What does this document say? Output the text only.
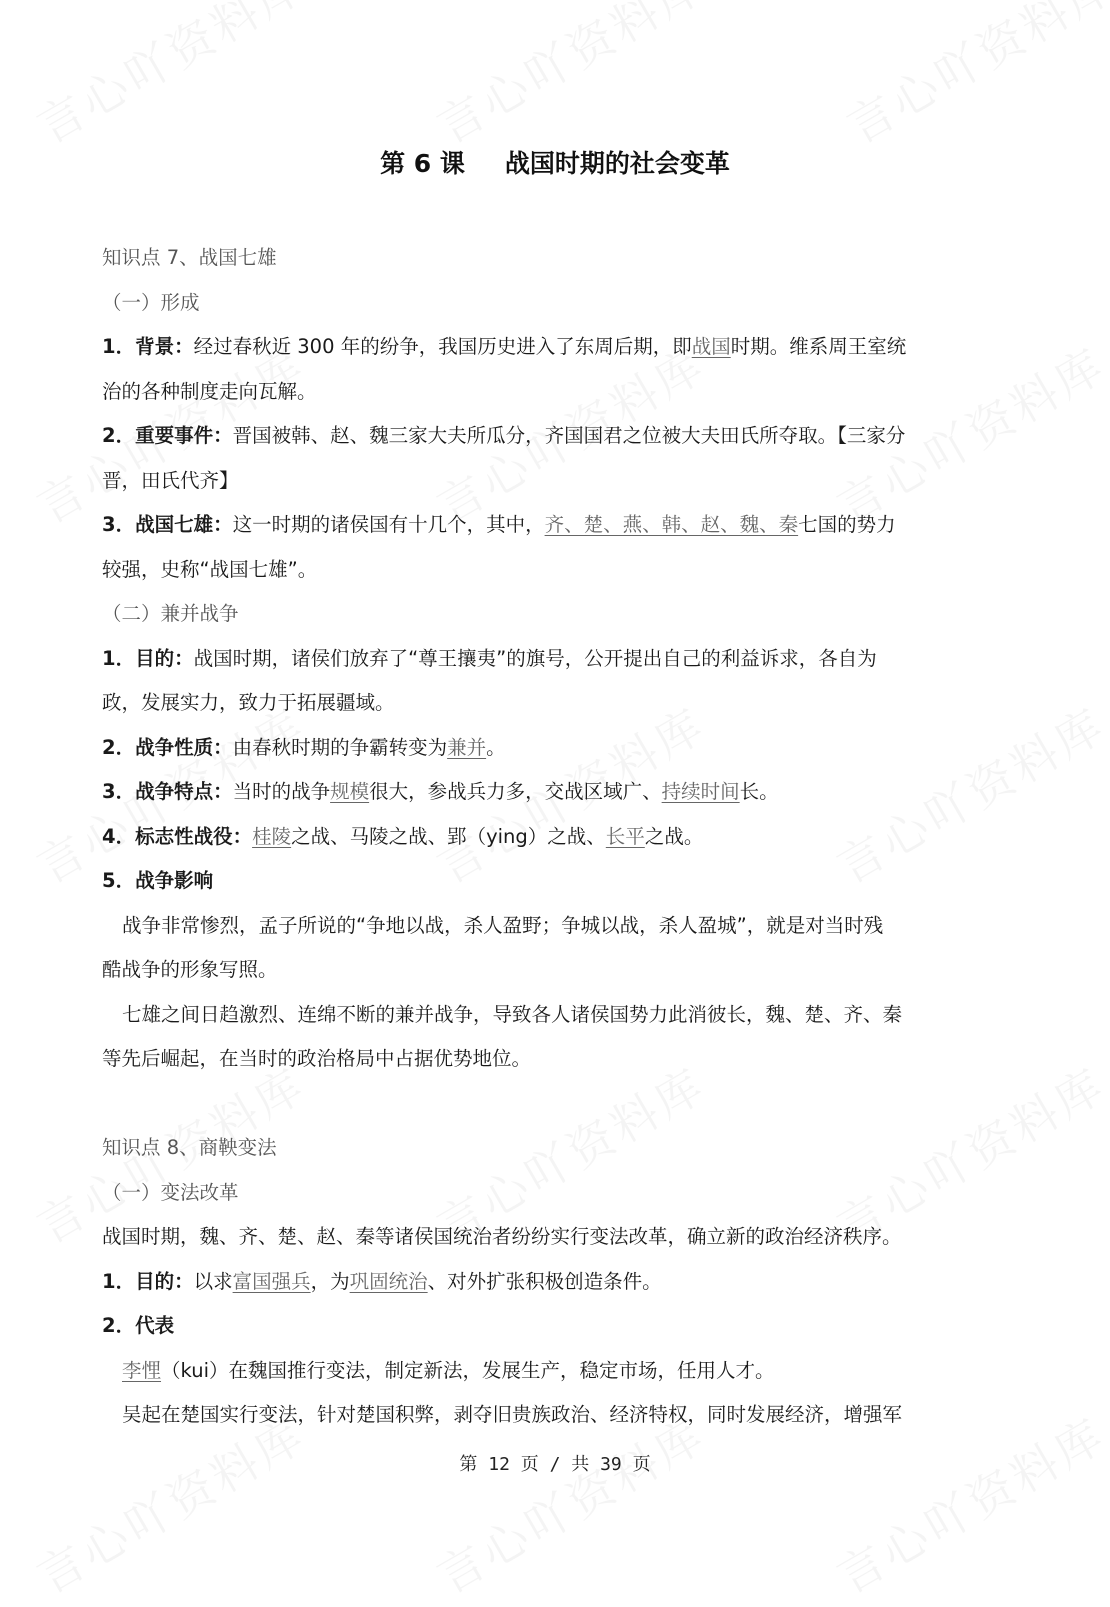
第 6 课 战国时期的社会变革
知识点 7、战国七雄
（一）形成
1．背景：经过春秋近 300 年的纷争，我国历史进入了东周后期，即战国时期。维系周王室统
治的各种制度走向瓦解。
2．重要事件：晋国被韩、赵、魏三家大夫所瓜分，齐国国君之位被大夫田氏所夺取。【三家分
晋，田氏代齐】
3．战国七雄：这一时期的诸侯国有十几个，其中，齐、楚、燕、韩、赵、魏、秦七国的势力
较强，史称“战国七雄”。
（二）兼并战争
1．目的：战国时期，诸侯们放弃了“尊王攘夷”的旗号，公开提出自己的利益诉求，各自为
政，发展实力，致力于拓展疆域。
2．战争性质：由春秋时期的争霸转变为兼并。
3．战争特点：当时的战争规模很大，参战兵力多，交战区域广、持续时间长。
4．标志性战役：桂陵之战、马陵之战、郢（ying）之战、长平之战。
5．战争影响
战争非常惨烈，孟子所说的“争地以战，杀人盈野；争城以战，杀人盈城”，就是对当时残
酷战争的形象写照。
七雄之间日趋激烈、连绵不断的兼并战争，导致各人诸侯国势力此消彼长，魏、楚、齐、秦
等先后崛起，在当时的政治格局中占据优势地位。
知识点 8、商鞅变法
（一）变法改革
战国时期，魏、齐、楚、赵、秦等诸侯国统治者纷纷实行变法改革，确立新的政治经济秩序。
1．目的：以求富国强兵，为巩固统治、对外扩张积极创造条件。
2．代表
李悝（kui）在魏国推行变法，制定新法，发展生产，稳定市场，任用人才。
吴起在楚国实行变法，针对楚国积弊，剥夺旧贵族政治、经济特权，同时发展经济，增强军
第 12 页 / 共 39 页
